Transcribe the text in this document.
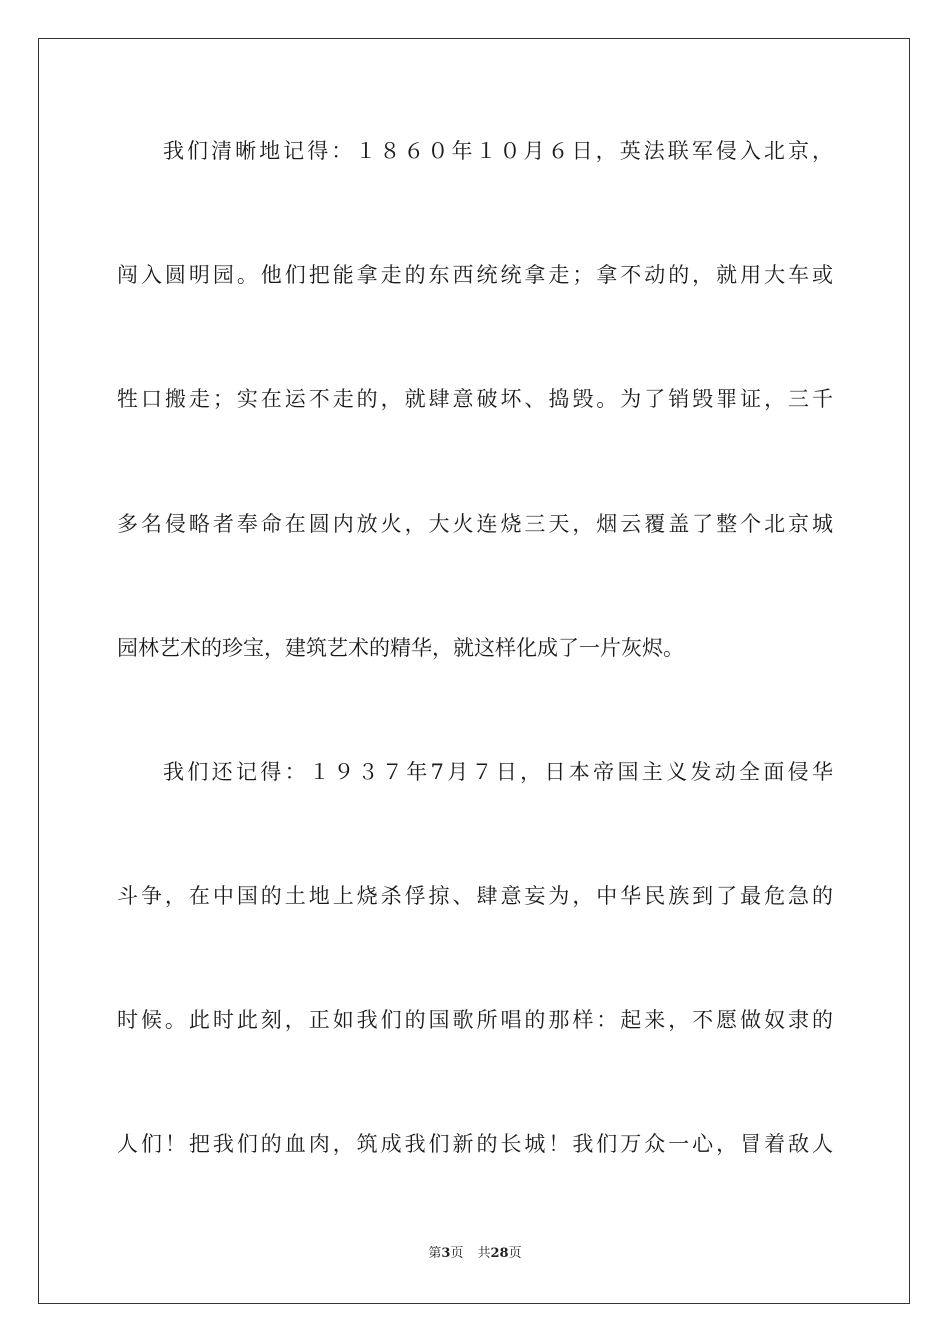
我们清晰地记得：１８６０年１０月６日，英法联军侵入北京，
闯入圆明园。他们把能拿走的东西统统拿走；拿不动的，就用大车或
牲口搬走；实在运不走的，就肆意破坏、捣毁。为了销毁罪证，三千
多名侵略者奉命在圆内放火，大火连烧三天，烟云覆盖了整个北京城
园林艺术的珍宝，建筑艺术的精华，就这样化成了一片灰烬。
我们还记得：１９３７年7月７日，日本帝国主义发动全面侵华
斗争，在中国的土地上烧杀俘掠、肆意妄为，中华民族到了最危急的
时候。此时此刻，正如我们的国歌所唱的那样：起来，不愿做奴隶的
人们！把我们的血肉，筑成我们新的长城！我们万众一心，冒着敌人
第3页 共28页
